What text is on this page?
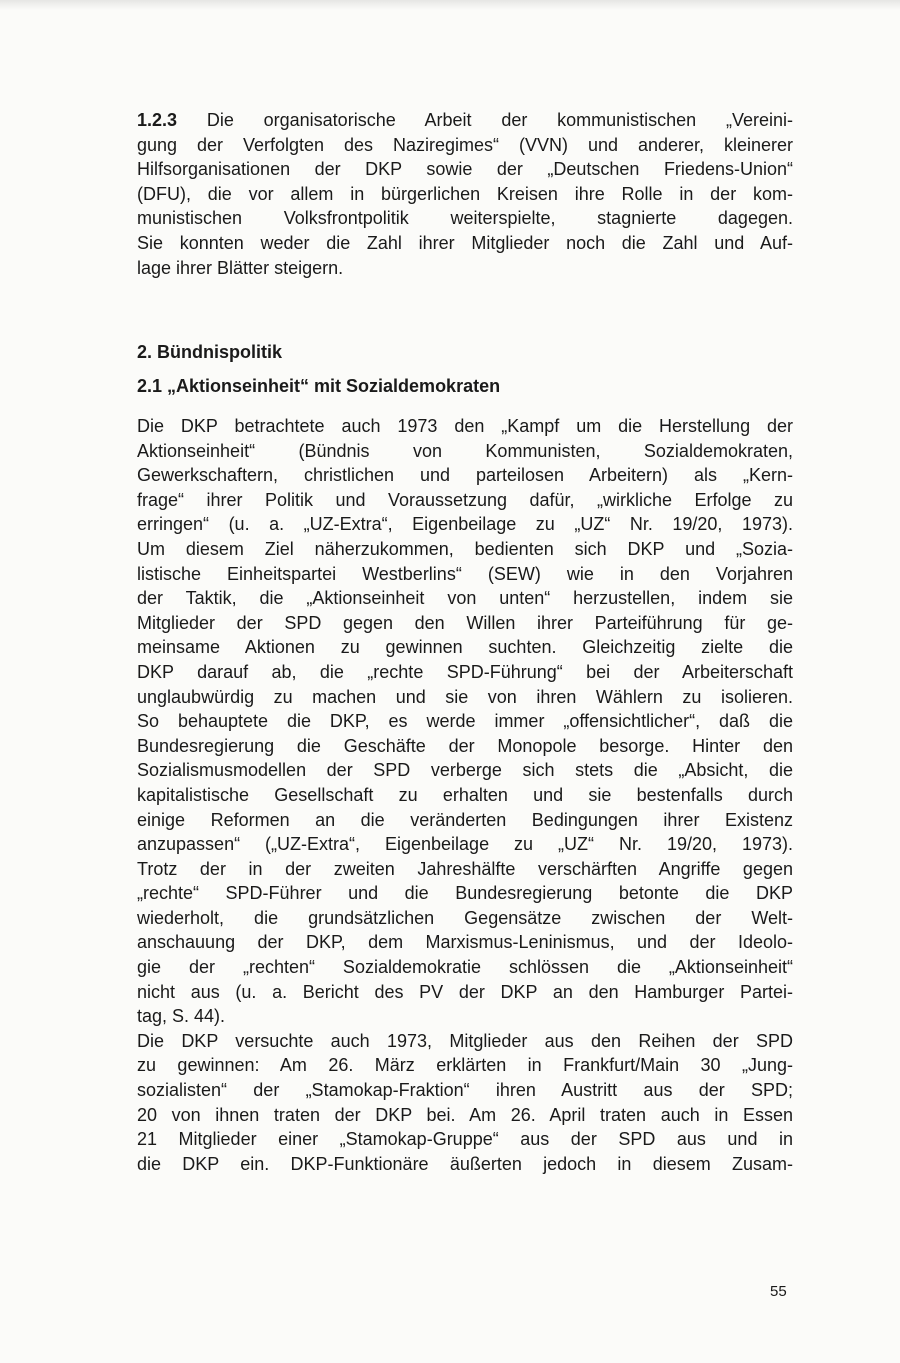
1.2.3 Die organisatorische Arbeit der kommunistischen „Vereini-
gung der Verfolgten des Naziregimes“ (VVN) und anderer, kleinerer
Hilfsorganisationen der DKP sowie der „Deutschen Friedens-Union“
(DFU), die vor allem in bürgerlichen Kreisen ihre Rolle in der kom-
munistischen Volksfrontpolitik weiterspielte, stagnierte dagegen.
Sie konnten weder die Zahl ihrer Mitglieder noch die Zahl und Auf-
lage ihrer Blätter steigern.
2. Bündnispolitik
2.1 „Aktionseinheit“ mit Sozialdemokraten
Die DKP betrachtete auch 1973 den „Kampf um die Herstellung der
Aktionseinheit“ (Bündnis von Kommunisten, Sozialdemokraten,
Gewerkschaftern, christlichen und parteilosen Arbeitern) als „Kern-
frage“ ihrer Politik und Voraussetzung dafür, „wirkliche Erfolge zu
erringen“ (u. a. „UZ-Extra“, Eigenbeilage zu „UZ“ Nr. 19/20, 1973).
Um diesem Ziel näherzukommen, bedienten sich DKP und „Sozia-
listische Einheitspartei Westberlins“ (SEW) wie in den Vorjahren
der Taktik, die „Aktionseinheit von unten“ herzustellen, indem sie
Mitglieder der SPD gegen den Willen ihrer Parteiführung für ge-
meinsame Aktionen zu gewinnen suchten. Gleichzeitig zielte die
DKP darauf ab, die „rechte SPD-Führung“ bei der Arbeiterschaft
unglaubwürdig zu machen und sie von ihren Wählern zu isolieren.
So behauptete die DKP, es werde immer „offensichtlicher“, daß die
Bundesregierung die Geschäfte der Monopole besorge. Hinter den
Sozialismusmodellen der SPD verberge sich stets die „Absicht, die
kapitalistische Gesellschaft zu erhalten und sie bestenfalls durch
einige Reformen an die veränderten Bedingungen ihrer Existenz
anzupassen“ („UZ-Extra“, Eigenbeilage zu „UZ“ Nr. 19/20, 1973).
Trotz der in der zweiten Jahreshälfte verschärften Angriffe gegen
„rechte“ SPD-Führer und die Bundesregierung betonte die DKP
wiederholt, die grundsätzlichen Gegensätze zwischen der Welt-
anschauung der DKP, dem Marxismus-Leninismus, und der Ideolo-
gie der „rechten“ Sozialdemokratie schlössen die „Aktionseinheit“
nicht aus (u. a. Bericht des PV der DKP an den Hamburger Partei-
tag, S. 44).
Die DKP versuchte auch 1973, Mitglieder aus den Reihen der SPD
zu gewinnen: Am 26. März erklärten in Frankfurt/Main 30 „Jung-
sozialisten“ der „Stamokap-Fraktion“ ihren Austritt aus der SPD;
20 von ihnen traten der DKP bei. Am 26. April traten auch in Essen
21 Mitglieder einer „Stamokap-Gruppe“ aus der SPD aus und in
die DKP ein. DKP-Funktionäre äußerten jedoch in diesem Zusam-
55
